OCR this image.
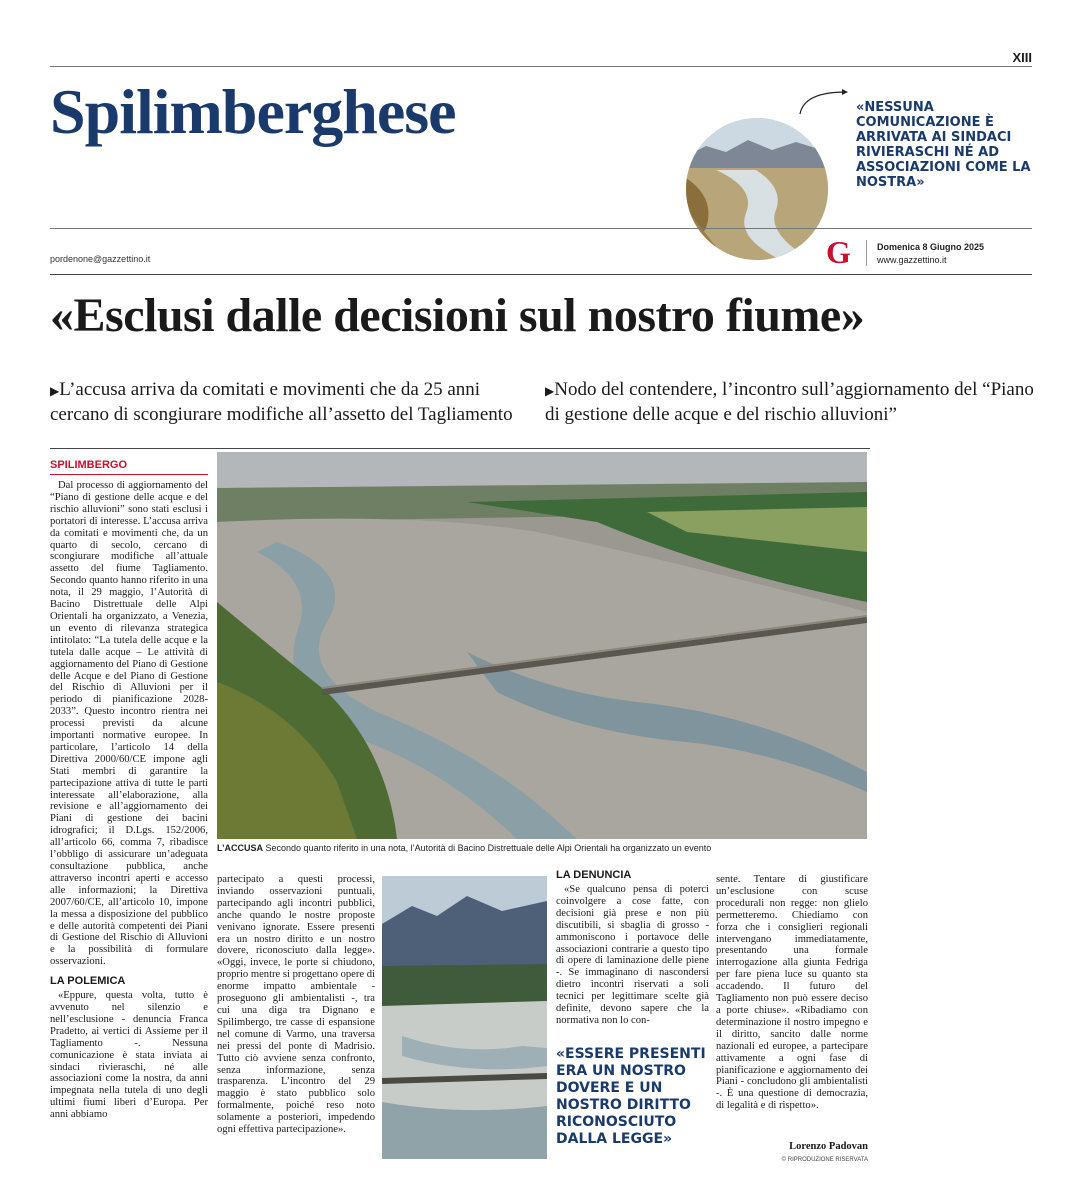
XIII
Spilimberghese	«NESSUNA COMUNICAZIONE È ARRIVATA AI SINDACI RIVIERASCHI NÉ AD ASSOCIAZIONI COME LA NOSTRA»
pordenone@gazzettino.it	G	Domenica 8 Giugno 2025
www.gazzettino.it
«Esclusi dalle decisioni sul nostro fiume»
▶L’accusa arriva da comitati e movimenti che da 25 anni cercano di scongiurare modifiche all’assetto del Tagliamento
▶Nodo del contendere, l’incontro sull’aggiornamento del “Piano di gestione delle acque e del rischio alluvioni”
SPILIMBERGO

Dal processo di aggiornamento del “Piano di gestione delle acque e del rischio alluvioni” sono stati esclusi i portatori di interesse. L’accusa arriva da comitati e movimenti che, da un quarto di secolo, cercano di scongiurare modifiche all’attuale assetto del fiume Tagliamento. Secondo quanto hanno riferito in una nota, il 29 maggio, l’Autorità di Bacino Distrettuale delle Alpi Orientali ha organizzato, a Venezia, un evento di rilevanza strategica intitolato: “La tutela delle acque e la tutela dalle acque – Le attività di aggiornamento del Piano di Gestione delle Acque e del Piano di Gestione del Rischio di Alluvioni per il periodo di pianificazione 2028-2033”. Questo incontro rientra nei processi previsti da alcune importanti normative europee. In particolare, l’articolo 14 della Direttiva 2000/60/CE impone agli Stati membri di garantire la partecipazione attiva di tutte le parti interessate all’elaborazione, alla revisione e all’aggiornamento dei Piani di gestione dei bacini idrografici; il D.Lgs. 152/2006, all’articolo 66, comma 7, ribadisce l’obbligo di assicurare un’adeguata consultazione pubblica, anche attraverso incontri aperti e accesso alle informazioni; la Direttiva 2007/60/CE, all’articolo 10, impone la messa a disposizione del pubblico e delle autorità competenti dei Piani di Gestione del Rischio di Alluvioni e la possibilità di formulare osservazioni.

LA POLEMICA

«Eppure, questa volta, tutto è avvenuto nel silenzio e nell’esclusione - denuncia Franca Pradetto, ai vertici di Assieme per il Tagliamento -. Nessuna comunicazione è stata inviata ai sindaci rivieraschi, né alle associazioni come la nostra, da anni impegnata nella tutela di uno degli ultimi fiumi liberi d’Europa. Per anni abbiamo

L’ACCUSA Secondo quanto riferito in una nota, l’Autorità di Bacino Distrettuale delle Alpi Orientali ha organizzato un evento

partecipato a questi processi, inviando osservazioni puntuali, partecipando agli incontri pubblici, anche quando le nostre proposte venivano ignorate. Essere presenti era un nostro diritto e un nostro dovere, riconosciuto dalla legge». «Oggi, invece, le porte si chiudono, proprio mentre si progettano opere di enorme impatto ambientale - proseguono gli ambientalisti -, tra cui una diga tra Dignano e Spilimbergo, tre casse di espansione nel comune di Varmo, una traversa nei pressi del ponte di Madrisio. Tutto ciò avviene senza confronto, senza informazione, senza trasparenza. L’incontro del 29 maggio è stato pubblico solo formalmente, poiché reso noto solamente a posteriori, impedendo ogni effettiva partecipazione».

LA DENUNCIA

«Se qualcuno pensa di poterci coinvolgere a cose fatte, con decisioni già prese e non più discutibili, si sbaglia di grosso - ammoniscono i portavoce delle associazioni contrarie a questo tipo di opere di laminazione delle piene -. Se immaginano di nascondersi dietro incontri riservati a soli tecnici per legittimare scelte già definite, devono sapere che la normativa non lo con-

«ESSERE PRESENTI ERA UN NOSTRO DOVERE E UN NOSTRO DIRITTO RICONOSCIUTO DALLA LEGGE»

sente. Tentare di giustificare un’esclusione con scuse procedurali non regge: non glielo permetteremo. Chiediamo con forza che i consiglieri regionali intervengano immediatamente, presentando una formale interrogazione alla giunta Fedriga per fare piena luce su quanto sta accadendo. Il futuro del Tagliamento non può essere deciso a porte chiuse». «Ribadiamo con determinazione il nostro impegno e il diritto, sancito dalle norme nazionali ed europee, a partecipare attivamente a ogni fase di pianificazione e aggiornamento dei Piani - concludono gli ambientalisti -. È una questione di democrazia, di legalità e di rispetto».

Lorenzo Padovan
© RIPRODUZIONE RISERVATA
